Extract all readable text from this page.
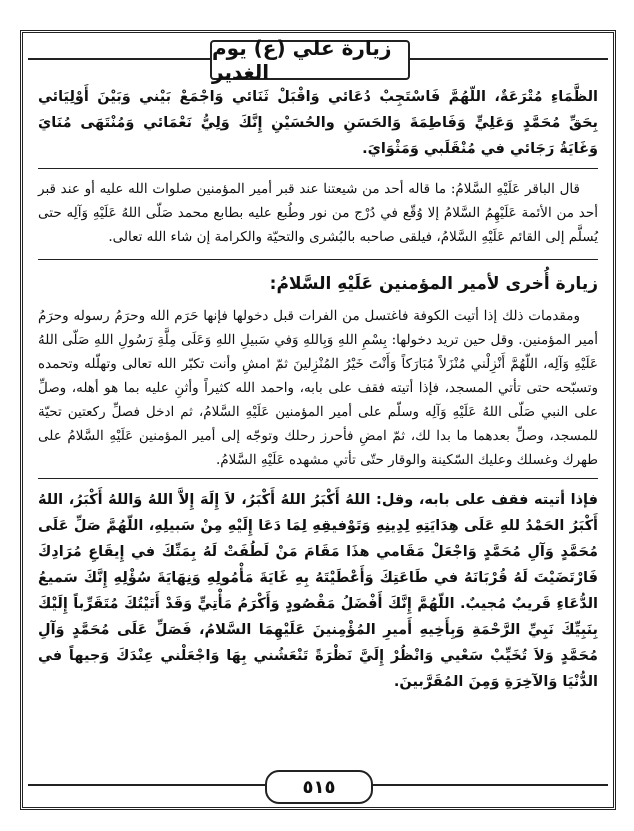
زيارة علي (ع) يوم الغدير

الظَّمَاءِ مُتْرَعَةٌ، اللّهُمَّ فَاسْتَجِبْ دُعَائي وَاقْبَلْ ثَنَائي وَاجْمَعْ بَيْني وَبَيْنَ أَوْلِيَائي بِحَقِّ مُحَمَّدٍ وَعَلِيٍّ وَفَاطِمَةَ وَالحَسَنِ والحُسَيْنِ إِنَّكَ وَلِيُّ نَعْمَائي وَمُنْتَهَى مُنَايَ وَغَايَةُ رَجَائي في مُنْقَلَبي وَمَثْوَايَ.

قال الباقر عَلَيْهِ السَّلامُ: ما قاله أحد من شيعتنا عند قبر أمير المؤمنين صلوات الله عليه أو عند قبر أحد من الأئمة عَلَيْهِمُ السَّلامُ إلا وُقّع في دُرْج من نور وطُبع عليه بطابع محمد صَلّى اللهُ عَلَيْهِ وَآلِه حتى يُسلَّم إلى القائم عَلَيْهِ السَّلامُ، فيلقى صاحبه بالبُشرى والتحيّة والكرامة إن شاء الله تعالى.

زيارة أُخرى لأمير المؤمنين عَلَيْهِ السَّلامُ:

ومقدمات ذلك إذا أتيت الكوفة فاغتسل من الفرات قبل دخولها فإنها حَرَم الله وحرَمُ رسوله وحرَمُ أمير المؤمنين. وقل حين تريد دخولها: بِسْمِ اللهِ وَبِاللهِ وَفي سَبيلِ اللهِ وَعَلَى مِلَّةِ رَسُولِ اللهِ صَلّى اللهُ عَلَيْهِ وَآلِه، اللّهُمَّ أَنْزِلْني مُنْزَلاً مُبَارَكاً وَأَنْتَ خَيْرُ المُنْزِلينَ ثمّ امشِ وأنت تكبّر الله تعالى وتهلّله وتحمده وتسبّحه حتى تأتي المسجد، فإذا أتيته فقف على بابه، واحمد الله كثيراً وأثنِ عليه بما هو أهله، وصلِّ على النبي صَلّى اللهُ عَلَيْهِ وَآلِه وسلّم على أمير المؤمنين عَلَيْهِ السَّلامُ، ثم ادخل فصلِّ ركعتين تحيّة للمسجد، وصلِّ بعدهما ما بدا لك، ثمّ امضِ فأحرز رحلك وتوجّه إلى أمير المؤمنين عَلَيْهِ السَّلامُ على طهرك وغسلك وعليك السّكينة والوقار حتّى تأتي مشهده عَلَيْهِ السَّلامُ.

فإذا أتيته فقف على بابه، وقل: اللهُ أَكْبَرُ اللهُ أَكْبَرُ، لاَ إِلَهَ إِلاَّ اللهُ وَاللهُ أَكْبَرُ، اللهُ أَكْبَرُ الحَمْدُ للهِ عَلَى هِدَايَتِهِ لِدِينِهِ وَتَوْفيقِهِ لِمَا دَعَا إِلَيْهِ مِنْ سَبيلِهِ، اللّهُمَّ صَلِّ عَلَى مُحَمَّدٍ وَآلِ مُحَمَّدٍ وَاجْعَلْ مَقَامي هذَا مَقَامَ مَنْ لَطُفَتْ لَهُ بِمَنِّكَ في إِيقَاعِ مُرَادِكَ فَارْتَضَيْتَ لَهُ قُرْبَانَهُ في طَاعَتِكَ وَأَعْطَيْتَهُ بِهِ غَايَةَ مَأْمُولِهِ وَنِهَايَةَ سُؤْلِهِ إِنَّكَ سَميعُ الدُّعَاءِ قَريبٌ مُجيبٌ. اللّهُمَّ إِنَّكَ أَفْضَلُ مَقْصُودٍ وَأَكْرَمُ مَأْتِيٍّ وَقَدْ أَتَيْتُكَ مُتَقَرِّباً إِلَيْكَ بِنَبِيِّكَ نَبِيِّ الرَّحْمَةِ وَبِأَخِيهِ أَميرِ المُؤْمِنينَ عَلَيْهِمَا السَّلامُ، فَصَلِّ عَلَى مُحَمَّدٍ وَآلِ مُحَمَّدٍ وَلاَ تُخَيِّبْ سَعْيي وَانْظُرْ إِلَيَّ نَظْرَةً تَنْعَشُني بِهَا وَاجْعَلْني عِنْدَكَ وَجيهاً في الدُّنْيَا وَالآخِرَةِ وَمِنَ المُقَرَّبينَ.

٥١٥
